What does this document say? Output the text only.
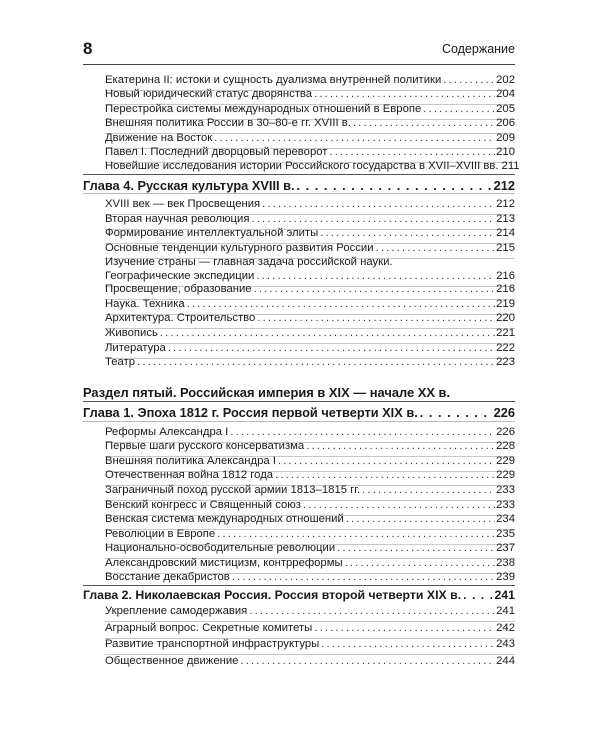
8	Содержание
Екатерина II: истоки и сущность дуализма внутренней политики . . .	202
Новый юридический статус дворянства . . .	204
Перестройка системы международных отношений в Европе . . .	205
Внешняя политика России в 30–80-е гг. XVIII в. . . .	206
Движение на Восток . . .	209
Павел I. Последний дворцовый переворот . . .	210
Новейшие исследования истории Российского государства в XVII–XVIII вв. 211
Глава 4. Русская культура XVIII в. . . .	212
XVIII век — век Просвещения . . .	212
Вторая научная революция . . .	213
Формирование интеллектуальной элиты . . .	214
Основные тенденции культурного развития России . . .	215
Изучение страны — главная задача российской науки.
Географические экспедиции . . .	216
Просвещение, образование . . .	216
Наука. Техника . . .	219
Архитектура. Строительство . . .	220
Живопись . . .	221
Литература . . .	222
Театр . . .	223
Раздел пятый. Российская империя в XIX — начале XX в.
Глава 1. Эпоха 1812 г. Россия первой четверти XIX в. . . .	226
Реформы Александра I . . .	226
Первые шаги русского консерватизма . . .	228
Внешняя политика Александра I . . .	229
Отечественная война 1812 года . . .	229
Заграничный поход русской армии 1813–1815 гг. . . .	233
Венский конгресс и Священный союз . . .	233
Венская система международных отношений . . .	234
Революции в Европе . . .	235
Национально-освободительные революции . . .	237
Александровский мистицизм, контрреформы . . .	238
Восстание декабристов . . .	239
Глава 2. Николаевская Россия. Россия второй четверти XIX в. . . .	241
Укрепление самодержавия . . .	241
Аграрный вопрос. Секретные комитеты . . .	242
Развитие транспортной инфраструктуры . . .	243
Общественное движение . . .	244
